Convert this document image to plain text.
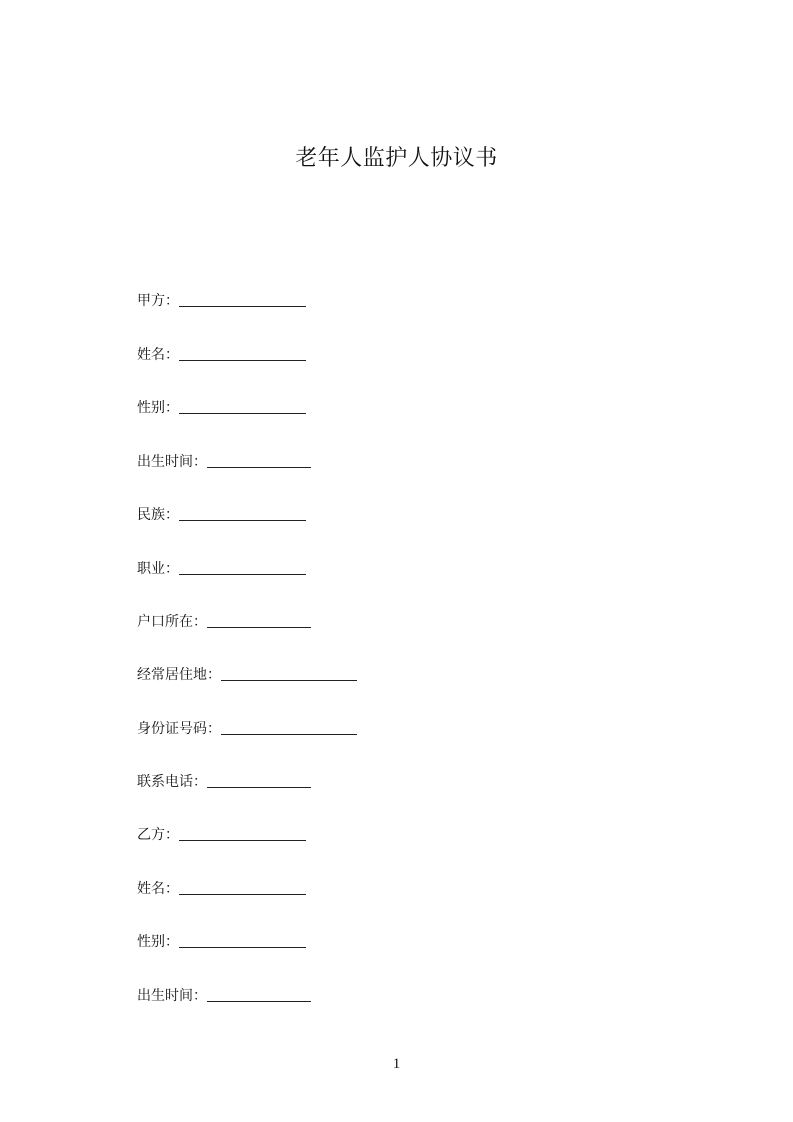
老年人监护人协议书
甲方：
姓名：
性别：
出生时间：
民族：
职业：
户口所在：
经常居住地：
身份证号码：
联系电话：
乙方：
姓名：
性别：
出生时间：
1
